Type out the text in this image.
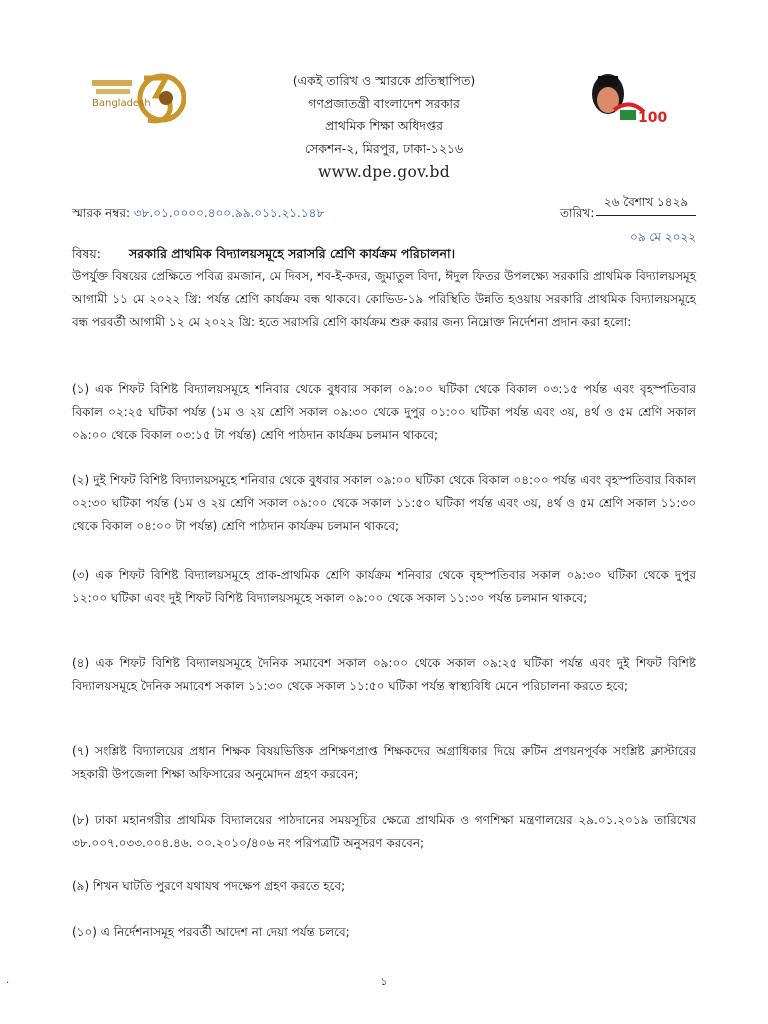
Bangladesh
(একই তারিখ ও স্মারকে প্রতিস্থাপিত)
গণপ্রজাতন্ত্রী বাংলাদেশ সরকার
প্রাথমিক শিক্ষা অধিদপ্তর
সেকশন-২, মিরপুর, ঢাকা-১২১৬
www.dpe.gov.bd
100
স্মারক নম্বর: ৩৮.০১.০০০০.৪০০.৯৯.০১১.২১.১৪৮	তারিখ:
২৬ বৈশাখ ১৪২৯
০৯ মে ২০২২
বিষয়: সরকারি প্রাথমিক বিদ্যালয়সমূহে সরাসরি শ্রেণি কার্যক্রম পরিচালনা।
উপর্যুক্ত বিষয়ের প্রেক্ষিতে পবিত্র রমজান, মে দিবস, শব-ই-কদর, জুমাতুল বিদা, ঈদুল ফিতর উপলক্ষ্যে সরকারি প্রাথমিক বিদ্যালয়সমূহ আগামী ১১ মে ২০২২ খ্রি: পর্যন্ত শ্রেণি কার্যক্রম বন্ধ থাকবে। কোভিড-১৯ পরিস্থিতি উন্নতি হওয়ায় সরকারি প্রাথমিক বিদ্যালয়সমূহে বন্ধ পরবর্তী আগামী ১২ মে ২০২২ খ্রি: হতে সরাসরি শ্রেণি কার্যক্রম শুরু করার জন্য নিম্নোক্ত নির্দেশনা প্রদান করা হলো:
(১) এক শিফট বিশিষ্ট বিদ্যালয়সমূহে শনিবার থেকে বুধবার সকাল ০৯:০০ ঘটিকা থেকে বিকাল ০৩:১৫ পর্যন্ত এবং বৃহস্পতিবার বিকাল ০২:২৫ ঘটিকা পর্যন্ত (১ম ও ২য় শ্রেণি সকাল ০৯:৩০ থেকে দুপুর ০১:০০ ঘটিকা পর্যন্ত এবং ৩য়, ৪র্থ ও ৫ম শ্রেণি সকাল ০৯:০০ থেকে বিকাল ০৩:১৫ টা পর্যন্ত) শ্রেণি পাঠদান কার্যক্রম চলমান থাকবে;
(২) দুই শিফট বিশিষ্ট বিদ্যালয়সমূহে শনিবার থেকে বুধবার সকাল ০৯:০০ ঘটিকা থেকে বিকাল ০৪:০০ পর্যন্ত এবং বৃহস্পতিবার বিকাল ০২:৩০ ঘটিকা পর্যন্ত (১ম ও ২য় শ্রেণি সকাল ০৯:০০ থেকে সকাল ১১:৫০ ঘটিকা পর্যন্ত এবং ৩য়, ৪র্থ ও ৫ম শ্রেণি সকাল ১১:৩০ থেকে বিকাল ০৪:০০ টা পর্যন্ত) শ্রেণি পাঠদান কার্যক্রম চলমান থাকবে;
(৩) এক শিফট বিশিষ্ট বিদ্যালয়সমূহে প্রাক-প্রাথমিক শ্রেণি কার্যক্রম শনিবার থেকে বৃহস্পতিবার সকাল ০৯:৩০ ঘটিকা থেকে দুপুর ১২:০০ ঘটিকা এবং দুই শিফট বিশিষ্ট বিদ্যালয়সমূহে সকাল ০৯:০০ থেকে সকাল ১১:৩০ পর্যন্ত চলমান থাকবে;
(৪) এক শিফট বিশিষ্ট বিদ্যালয়সমূহে দৈনিক সমাবেশ সকাল ০৯:০০ থেকে সকাল ০৯:২৫ ঘটিকা পর্যন্ত এবং দুই শিফট বিশিষ্ট বিদ্যালয়সমূহে দৈনিক সমাবেশ সকাল ১১:৩০ থেকে সকাল ১১:৫০ ঘটিকা পর্যন্ত স্বাস্থ্যবিধি মেনে পরিচালনা করতে হবে;
(৭) সংশ্লিষ্ট বিদ্যালয়ের প্রধান শিক্ষক বিষয়ভিত্তিক প্রশিক্ষণপ্রাপ্ত শিক্ষকদের অগ্রাধিকার দিয়ে রুটিন প্রণয়নপূর্বক সংশ্লিষ্ট ক্লাস্টারের সহকারী উপজেলা শিক্ষা অফিসারের অনুমোদন গ্রহণ করবেন;
(৮) ঢাকা মহানগরীর প্রাথমিক বিদ্যালয়ের পাঠদানের সময়সূচির ক্ষেত্রে প্রাথমিক ও গণশিক্ষা মন্ত্রণালয়ের ২৯.০১.২০১৯ তারিখের ৩৮.০০৭.০৩৩.০০৪.৪৬. ০০.২০১০/৪০৬ নং পরিপত্রটি অনুসরণ করবেন;
(৯) শিখন ঘাটতি পুরণে যথাযথ পদক্ষেপ গ্রহণ করতে হবে;
(১০) এ নির্দেশনাসমূহ পরবর্তী আদেশ না দেয়া পর্যন্ত চলবে;
.	১
